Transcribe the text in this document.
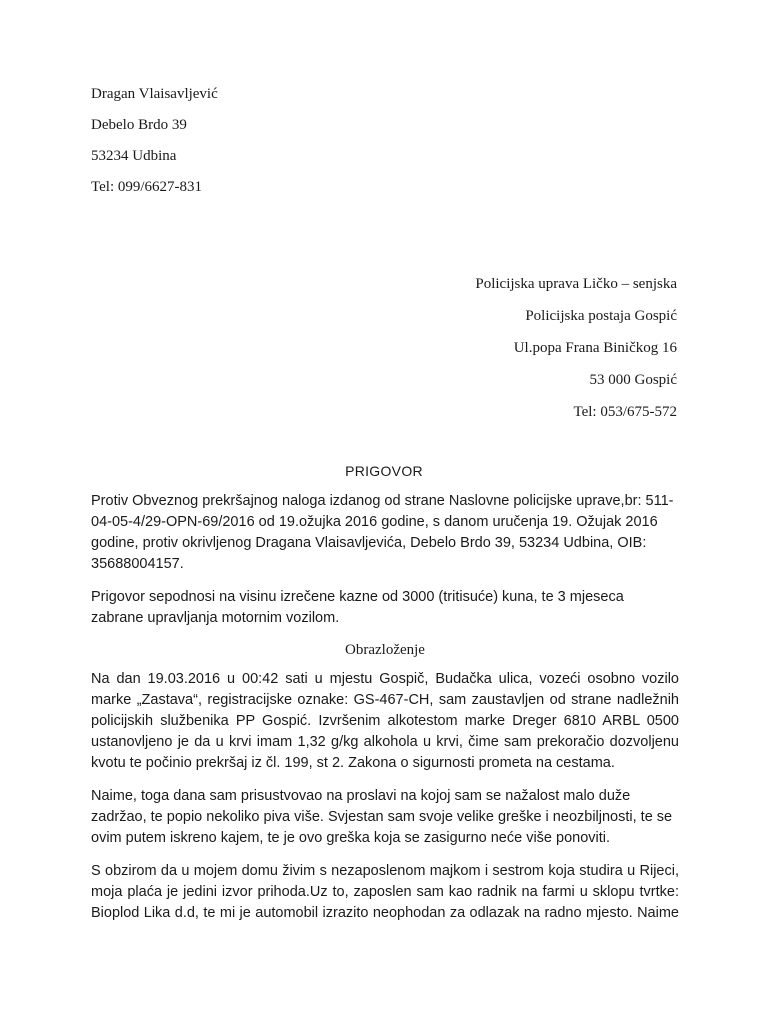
Dragan Vlaisavljević

Debelo Brdo 39

53234 Udbina

Tel: 099/6627-831

Policijska uprava Ličko – senjska

Policijska postaja Gospić

Ul.popa Frana Biničkog 16

53 000 Gospić

Tel: 053/675-572

PRIGOVOR

Protiv Obveznog prekršajnog naloga izdanog od strane Naslovne policijske uprave,br: 511-04-05-4/29-OPN-69/2016 od 19.ožujka 2016 godine, s danom uručenja 19. Ožujak 2016 godine, protiv okrivljenog Dragana Vlaisavljevića, Debelo Brdo 39, 53234 Udbina, OIB: 35688004157.

Prigovor sepodnosi na visinu izrečene kazne od 3000 (tritisuće) kuna, te 3 mjeseca zabrane upravljanja motornim vozilom.

Obrazloženje

Na dan 19.03.2016 u 00:42 sati u mjestu Gospič, Budačka ulica, vozeći osobno vozilo marke „Zastava“, registracijske oznake: GS-467-CH, sam zaustavljen od strane nadležnih policijskih službenika PP Gospić. Izvršenim alkotestom marke Dreger 6810 ARBL 0500 ustanovljeno je da u krvi imam 1,32 g/kg alkohola u krvi, čime sam prekoračio dozvoljenu kvotu te počinio prekršaj iz čl. 199, st 2. Zakona o sigurnosti prometa na cestama.

Naime, toga dana sam prisustvovao na proslavi na kojoj sam se nažalost malo duže zadržao, te popio nekoliko piva više. Svjestan sam svoje velike greške i neozbiljnosti, te se ovim putem iskreno kajem, te je ovo greška koja se zasigurno neće više ponoviti.

S obzirom da u mojem domu živim s nezaposlenom majkom i sestrom koja studira u Rijeci, moja plaća je jedini izvor prihoda.Uz to, zaposlen sam kao radnik na farmi u sklopu tvrtke: Bioplod Lika d.d, te mi je automobil izrazito neophodan za odlazak na radno mjesto. Naime
